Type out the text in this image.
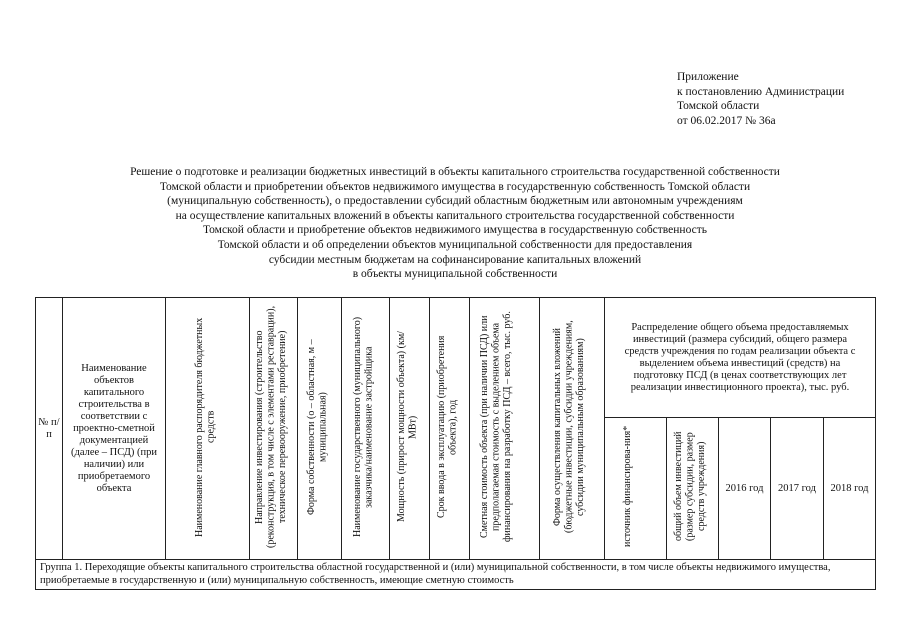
Приложение
к постановлению Администрации
Томской области
от 06.02.2017 № 36а
Решение о подготовке и реализации бюджетных инвестиций в объекты капитального строительства государственной собственности
Томской области и приобретении объектов недвижимого имущества в государственную собственность Томской области
(муниципальную собственность), о предоставлении субсидий областным бюджетным или автономным учреждениям
на осуществление капитальных вложений в объекты капитального строительства государственной собственности
Томской области и приобретение объектов недвижимого имущества в государственную собственность
Томской области и об определении объектов муниципальной собственности для предоставления
субсидии местным бюджетам на софинансирование капитальных вложений
в объекты муниципальной собственности
№ п/п	Наименование объектов капитального строительства в соответствии с проектно-сметной документацией (далее – ПСД) (при наличии) или приобретаемого объекта	Наименование главного распорядителя бюджетных средств	Направление инвестирования (строительство (реконструкция, в том числе с элементами реставрации), техническое перевооружение, приобретение)	Форма собственности (о – областная, м – муниципальная)	Наименование государственного (муниципального) заказчика/наименование застройщика	Мощность (прирост мощности объекта) (км/МВт)	Срок ввода в эксплуатацию (приобретения объекта), год	Сметная стоимость объекта (при наличии ПСД) или предполагаемая стоимость с выделением объема финансирования на разработку ПСД – всего, тыс. руб.	Форма осуществления капитальных вложений (бюджетные инвестиции, субсидии учреждениям, субсидии муниципальным образованиям)	Распределение общего объема предоставляемых инвестиций (размера субсидий, общего размера средств учреждения по годам реализации объекта с выделением объема инвестиций (средств) на подготовку ПСД (в ценах соответствующих лет реализации инвестиционного проекта), тыс. руб.				

										источник финансирова-ния*	общий объем инвестиций (размер субсидии, размер средств учреждения)	2016 год	2017 год	2018 год
Группа 1. Переходящие объекты капитального строительства областной государственной и (или) муниципальной собственности, в том числе объекты недвижимого имущества, приобретаемые в государственную и (или) муниципальную собственность, имеющие сметную стоимость														
